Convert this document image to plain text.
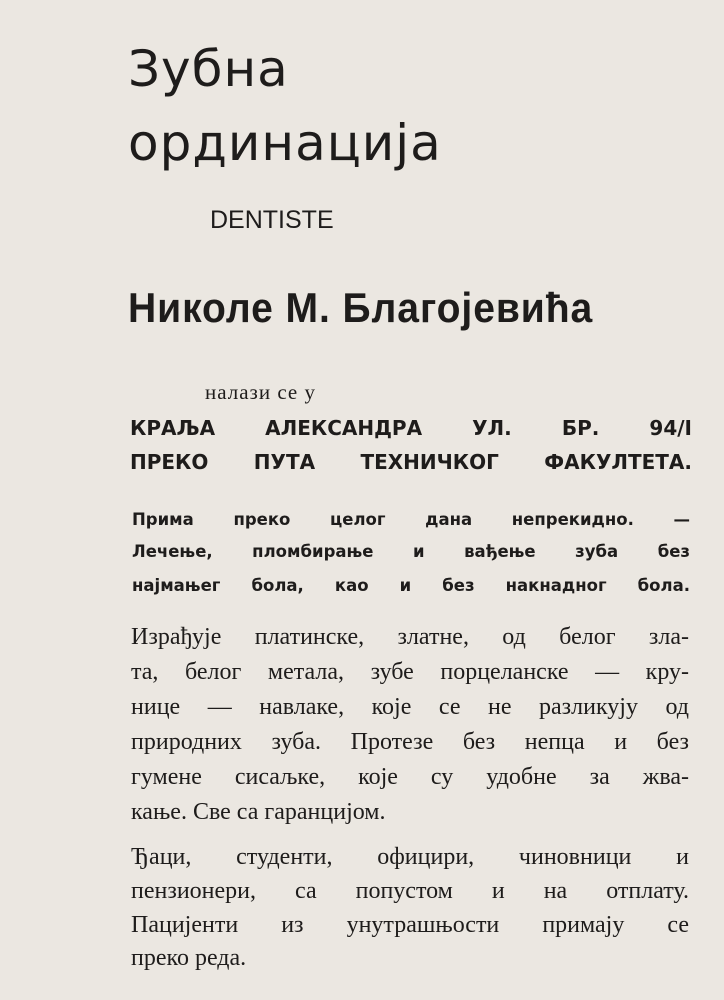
Зубна
ординација
DENTISTE
Николе М. Благојевића
налази се у
КРАЉА АЛЕКСАНДРА УЛ. БР. 94/I
ПРЕКО ПУТА ТЕХНИЧКОГ ФАКУЛТЕТА.
Прима преко целог дана непрекидно. —
Лечење, пломбирање и вађење зуба без
најмањег бола, као и без накнадног бола.
Израђује платинске, златне, од белог зла-
та, белог метала, зубе порцеланске — кру-
нице — навлаке, које се не разликују од
природних зуба. Протезе без непца и без
гумене сисаљке, које су удобне за жва-
кање. Све са гаранцијом.
Ђаци, студенти, официри, чиновници и
пензионери, са попустом и на отплату.
Пацијенти из унутрашњости примају се
преко реда.
